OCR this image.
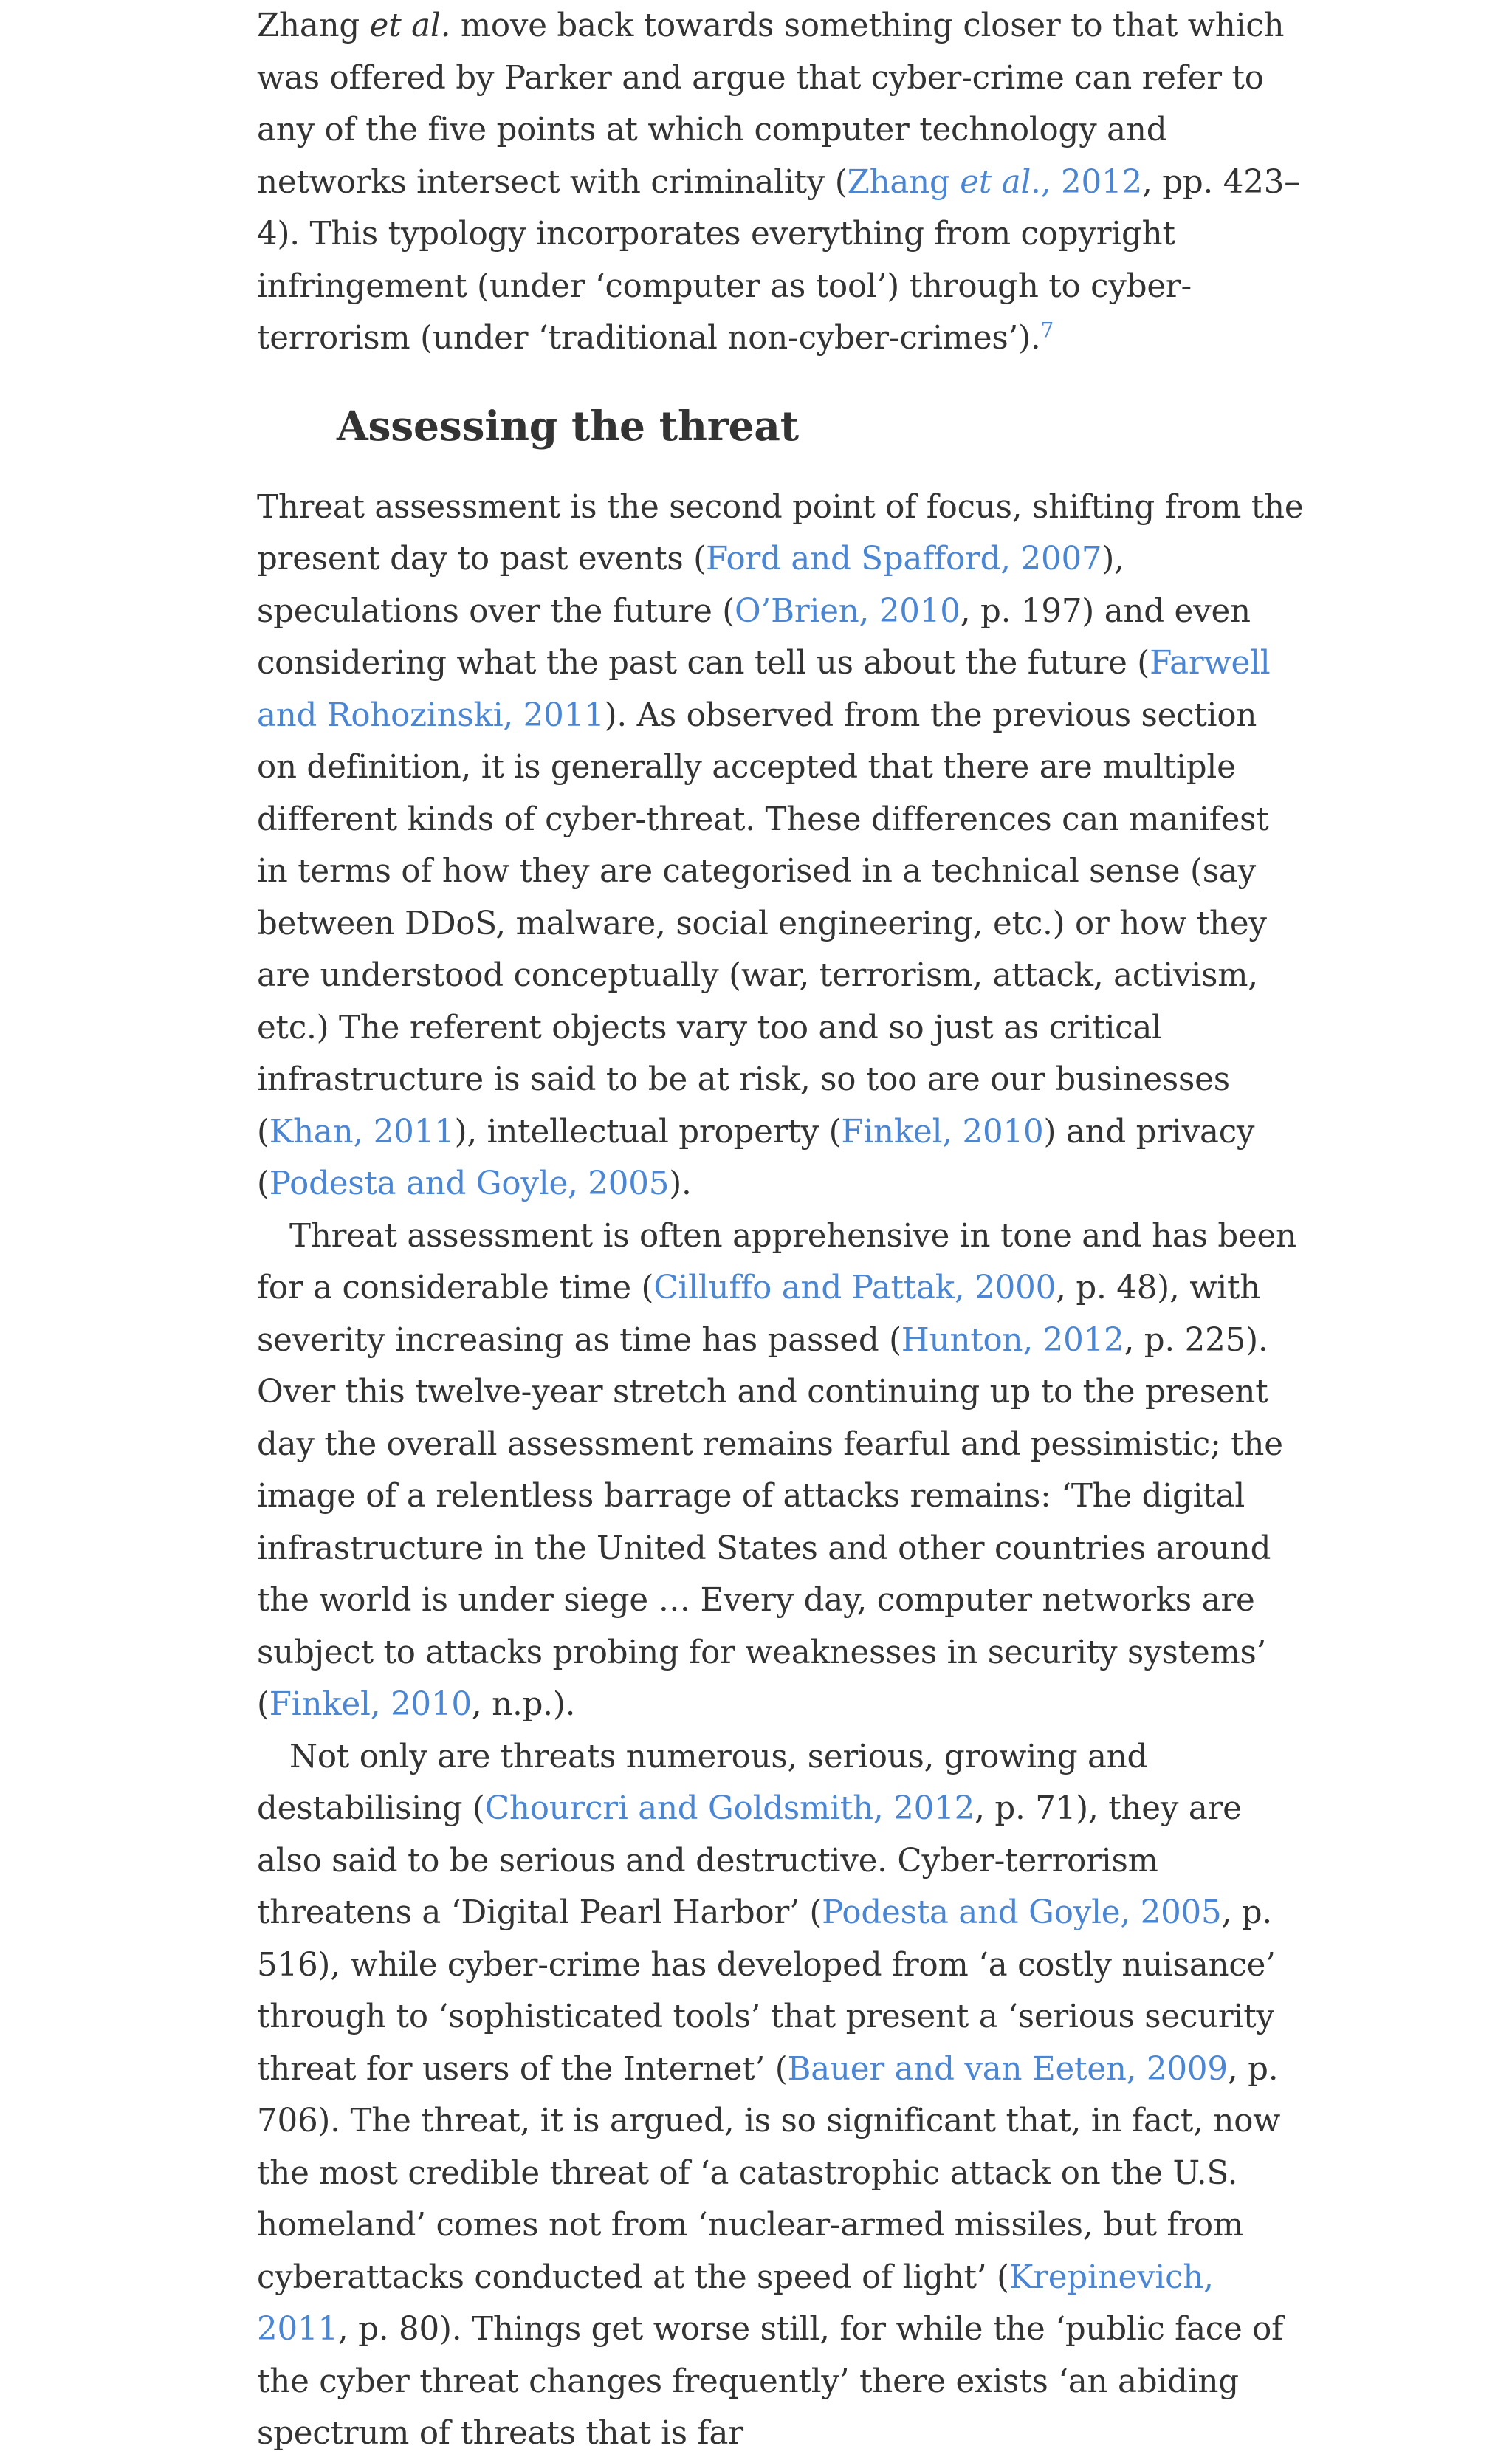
Zhang et al. move back towards something closer to that which was offered by Parker and argue that cyber-crime can refer to any of the five points at which computer technology and networks intersect with criminality (Zhang et al., 2012, pp. 423–4). This typology incorporates everything from copyright infringement (under ‘computer as tool’) through to cyber-terrorism (under ‘traditional non-cyber-crimes’).$^7$

Assessing the threat

Threat assessment is the second point of focus, shifting from the present day to past events (Ford and Spafford, 2007), speculations over the future (O’Brien, 2010, p. 197) and even considering what the past can tell us about the future (Farwell and Rohozinski, 2011). As observed from the previous section on definition, it is generally accepted that there are multiple different kinds of cyber-threat. These differences can manifest in terms of how they are categorised in a technical sense (say between DDoS, malware, social engineering, etc.) or how they are understood conceptually (war, terrorism, attack, activism, etc.) The referent objects vary too and so just as critical infrastructure is said to be at risk, so too are our businesses (Khan, 2011), intellectual property (Finkel, 2010) and privacy (Podesta and Goyle, 2005).

Threat assessment is often apprehensive in tone and has been for a considerable time (Cilluffo and Pattak, 2000, p. 48), with severity increasing as time has passed (Hunton, 2012, p. 225). Over this twelve-year stretch and continuing up to the present day the overall assessment remains fearful and pessimistic; the image of a relentless barrage of attacks remains: ‘The digital infrastructure in the United States and other countries around the world is under siege … Every day, computer networks are subject to attacks probing for weaknesses in security systems’ (Finkel, 2010, n.p.).

Not only are threats numerous, serious, growing and destabilising (Chourcri and Goldsmith, 2012, p. 71), they are also said to be serious and destructive. Cyber-terrorism threatens a ‘Digital Pearl Harbor’ (Podesta and Goyle, 2005, p. 516), while cyber-crime has developed from ‘a costly nuisance’ through to ‘sophisticated tools’ that present a ‘serious security threat for users of the Internet’ (Bauer and van Eeten, 2009, p. 706). The threat, it is argued, is so significant that, in fact, now the most credible threat of ‘a catastrophic attack on the U.S. homeland’ comes not from ‘nuclear-armed missiles, but from cyberattacks conducted at the speed of light’ (Krepinevich, 2011, p. 80). Things get worse still, for while the ‘public face of the cyber threat changes frequently’ there exists ‘an abiding spectrum of threats that is far
